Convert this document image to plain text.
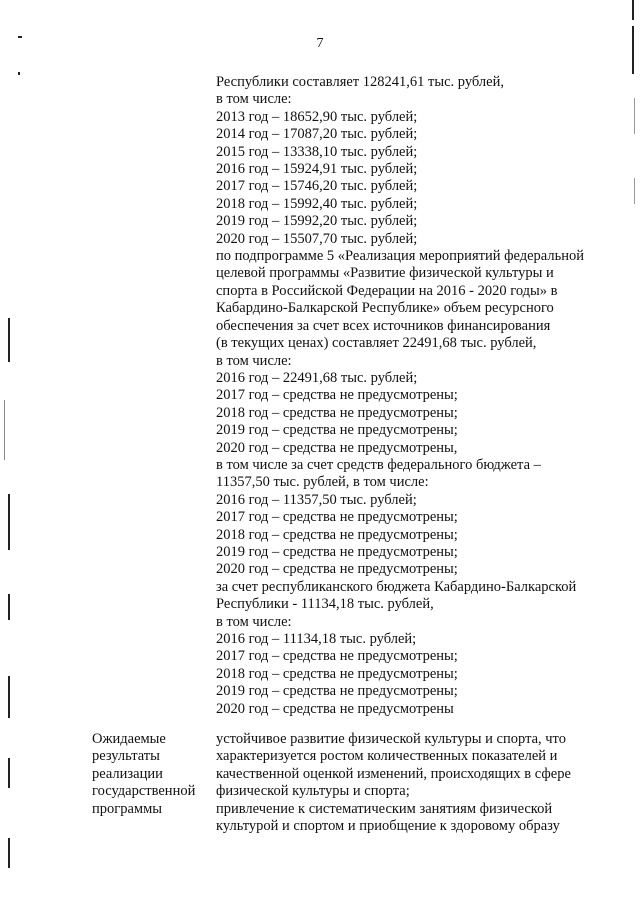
7
Республики составляет 128241,61 тыс. рублей,
в том числе:
2013 год – 18652,90 тыс. рублей;
2014 год – 17087,20 тыс. рублей;
2015 год – 13338,10 тыс. рублей;
2016 год – 15924,91 тыс. рублей;
2017 год – 15746,20 тыс. рублей;
2018 год – 15992,40 тыс. рублей;
2019 год – 15992,20 тыс. рублей;
2020 год – 15507,70 тыс. рублей;
по подпрограмме 5 «Реализация мероприятий федеральной
целевой программы «Развитие физической культуры и
спорта в Российской Федерации на 2016 - 2020 годы» в
Кабардино-Балкарской Республике» объем ресурсного
обеспечения за счет всех источников финансирования
(в текущих ценах) составляет 22491,68 тыс. рублей,
в том числе:
2016 год – 22491,68 тыс. рублей;
2017 год – средства не предусмотрены;
2018 год – средства не предусмотрены;
2019 год – средства не предусмотрены;
2020 год – средства не предусмотрены,
в том числе за счет средств федерального бюджета –
11357,50 тыс. рублей, в том числе:
2016 год – 11357,50 тыс. рублей;
2017 год – средства не предусмотрены;
2018 год – средства не предусмотрены;
2019 год – средства не предусмотрены;
2020 год – средства не предусмотрены;
за счет республиканского бюджета Кабардино-Балкарской
Республики - 11134,18 тыс. рублей,
в том числе:
2016 год – 11134,18 тыс. рублей;
2017 год – средства не предусмотрены;
2018 год – средства не предусмотрены;
2019 год – средства не предусмотрены;
2020 год – средства не предусмотрены
Ожидаемые
результаты
реализации
государственной
программы
устойчивое развитие физической культуры и спорта, что
характеризуется ростом количественных показателей и
качественной оценкой изменений, происходящих в сфере
физической культуры и спорта;
привлечение к систематическим занятиям физической
культурой и спортом и приобщение к здоровому образу
